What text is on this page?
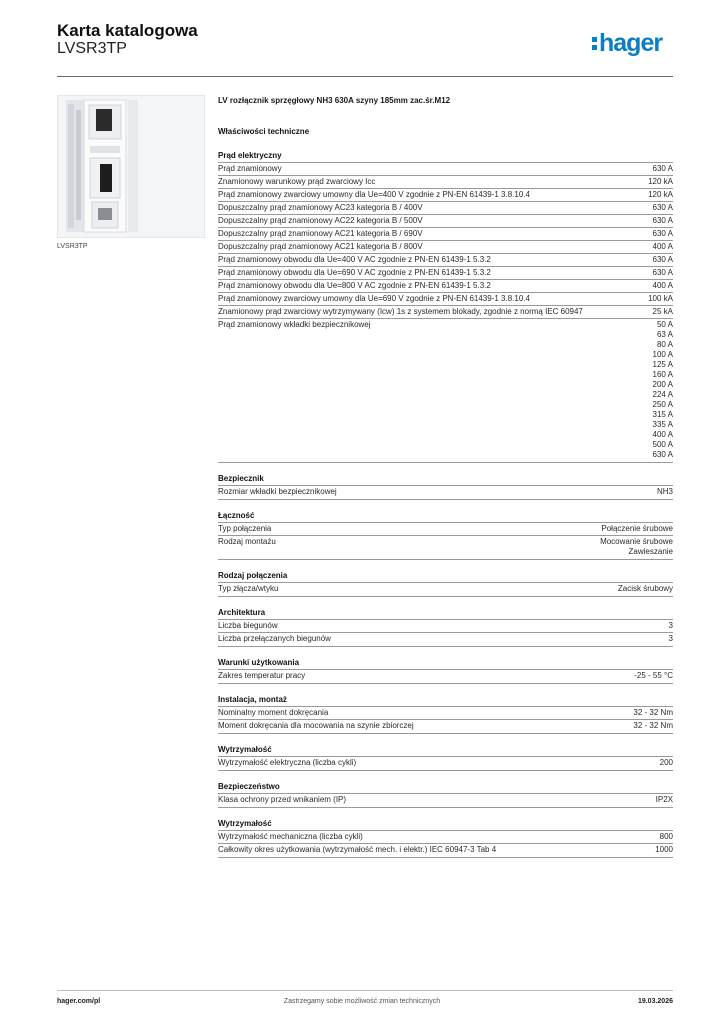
Karta katalogowa
LVSR3TP	hager
LVSR3TP
LV rozłącznik sprzęgłowy NH3 630A szyny 185mm zac.śr.M12
Właściwości techniczne
Prąd elektryczny
Prąd znamionowy	630 A
Znamionowy warunkowy prąd zwarciowy Icc	120 kA
Prąd znamionowy zwarciowy umowny dla Ue=400 V zgodnie z PN-EN 61439-1 3.8.10.4	120 kA
Dopuszczalny prąd znamionowy AC23 kategoria B / 400V	630 A
Dopuszczalny prąd znamionowy AC22 kategoria B / 500V	630 A
Dopuszczalny prąd znamionowy AC21 kategoria B / 690V	630 A
Dopuszczalny prąd znamionowy AC21 kategoria B / 800V	400 A
Prąd znamionowy obwodu dla Ue=400 V AC zgodnie z PN-EN 61439-1 5.3.2	630 A
Prąd znamionowy obwodu dla Ue=690 V AC zgodnie z PN-EN 61439-1 5.3.2	630 A
Prąd znamionowy obwodu dla Ue=800 V AC zgodnie z PN-EN 61439-1 5.3.2	400 A
Prąd znamionowy zwarciowy umowny dla Ue=690 V zgodnie z PN-EN 61439-1 3.8.10.4	100 kA
Znamionowy prąd zwarciowy wytrzymywany (Icw) 1s z systemem blokady, zgodnie z normą IEC 60947	25 kA
Prąd znamionowy wkładki bezpiecznikowej	50 A
63 A
80 A
100 A
125 A
160 A
200 A
224 A
250 A
315 A
335 A
400 A
500 A
630 A
Bezpiecznik
Rozmiar wkładki bezpiecznikowej	NH3
Łączność
Typ połączenia	Połączenie śrubowe
Rodzaj montażu	Mocowanie śrubowe
Zawieszanie
Rodzaj połączenia
Typ złącza/wtyku	Zacisk śrubowy
Architektura
Liczba biegunów	3
Liczba przełączanych biegunów	3
Warunki użytkowania
Zakres temperatur pracy	-25 - 55 °C
Instalacja, montaż
Nominalny moment dokręcania	32 - 32 Nm
Moment dokręcania dla mocowania na szynie zbiorczej	32 - 32 Nm
Wytrzymałość
Wytrzymałość elektryczna (liczba cykli)	200
Bezpieczeństwo
Klasa ochrony przed wnikaniem (IP)	IP2X
Wytrzymałość
Wytrzymałość mechaniczna (liczba cykli)	800
Całkowity okres użytkowania (wytrzymałość mech. i elektr.) IEC 60947-3 Tab 4	1000
hager.com/pl	Zastrzegamy sobie możliwość zmian technicznych	19.03.2026
